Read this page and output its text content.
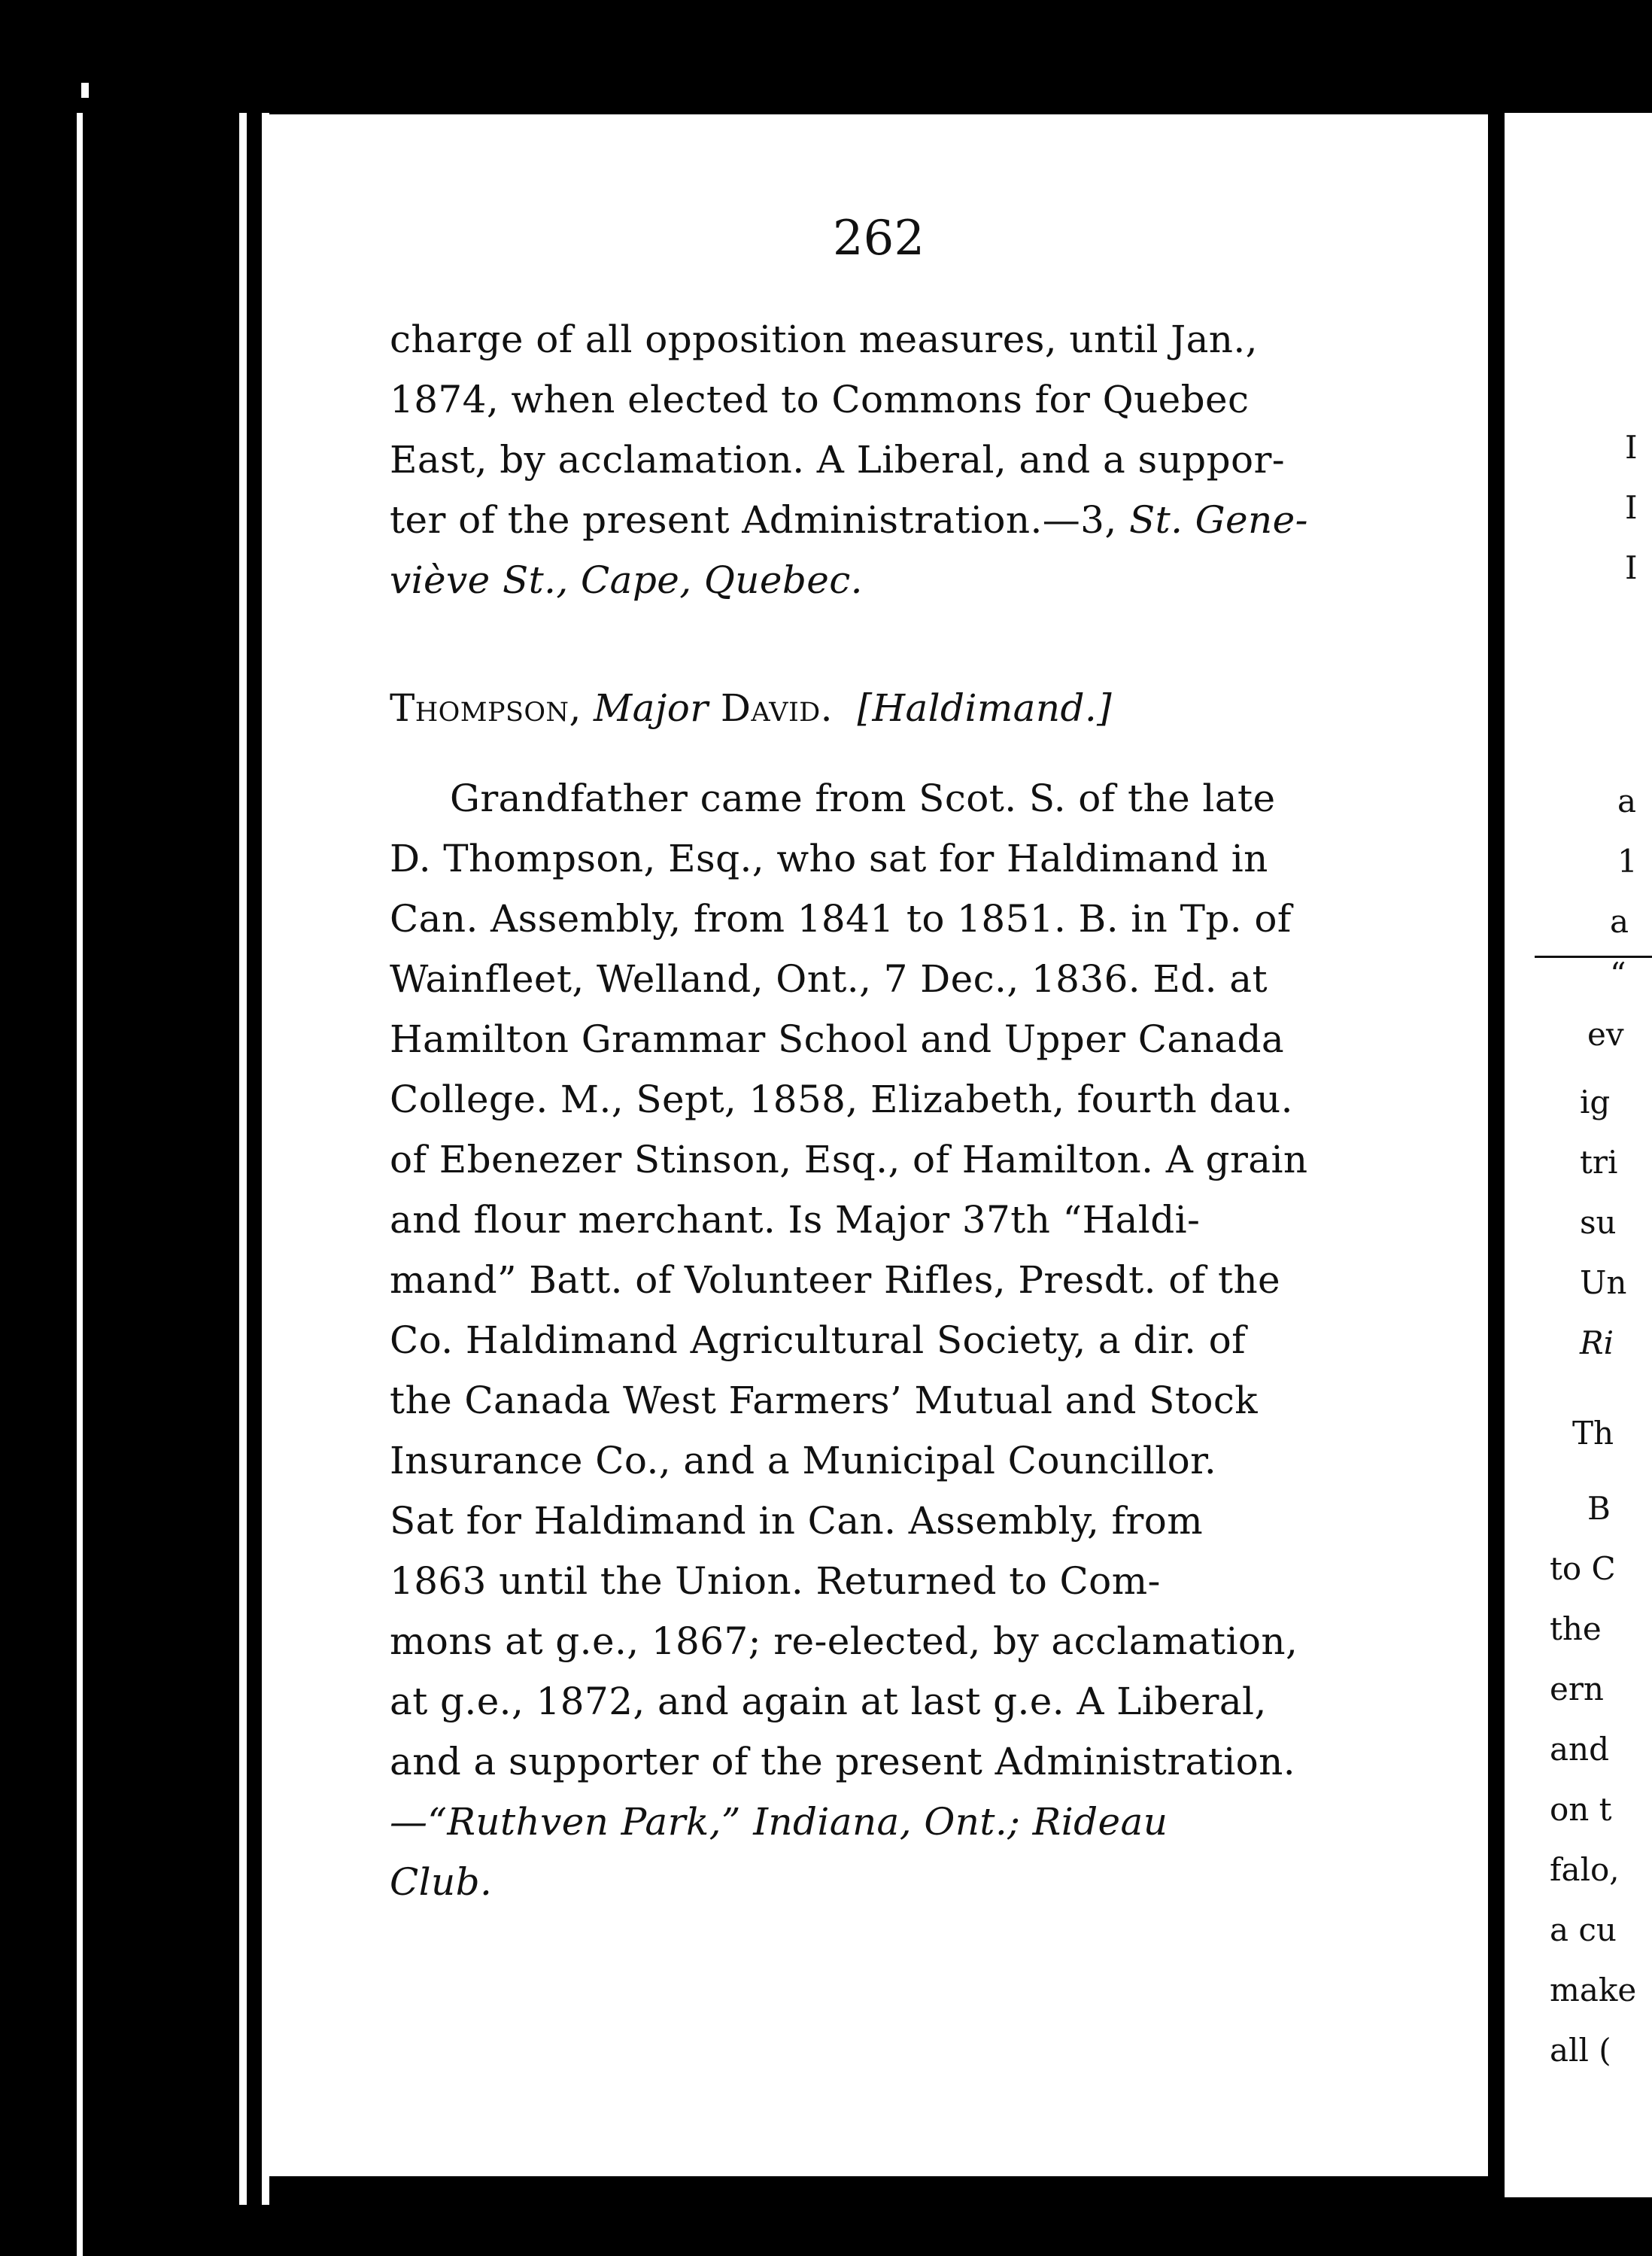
262
charge of all opposition measures, until Jan.,
1874, when elected to Commons for Quebec
East, by acclamation. A Liberal, and a suppor-
ter of the present Administration.—3, St. Gene-
viève St., Cape, Quebec.
Thompson, Major David. [Haldimand.]
Grandfather came from Scot. S. of the late
D. Thompson, Esq., who sat for Haldimand in
Can. Assembly, from 1841 to 1851. B. in Tp. of
Wainfleet, Welland, Ont., 7 Dec., 1836. Ed. at
Hamilton Grammar School and Upper Canada
College. M., Sept, 1858, Elizabeth, fourth dau.
of Ebenezer Stinson, Esq., of Hamilton. A grain
and flour merchant. Is Major 37th “Haldi-
mand” Batt. of Volunteer Rifles, Presdt. of the
Co. Haldimand Agricultural Society, a dir. of
the Canada West Farmers’ Mutual and Stock
Insurance Co., and a Municipal Councillor.
Sat for Haldimand in Can. Assembly, from
1863 until the Union. Returned to Com-
mons at g.e., 1867; re-elected, by acclamation,
at g.e., 1872, and again at last g.e. A Liberal,
and a supporter of the present Administration.
—“Ruthven Park,” Indiana, Ont.; Rideau
Club.
I
I
I
a
1
a
“
ev
ig
tri
su
Un
Ri
Th
B
to C
the
ern
and
on t
falo,
a cu
make
all (
